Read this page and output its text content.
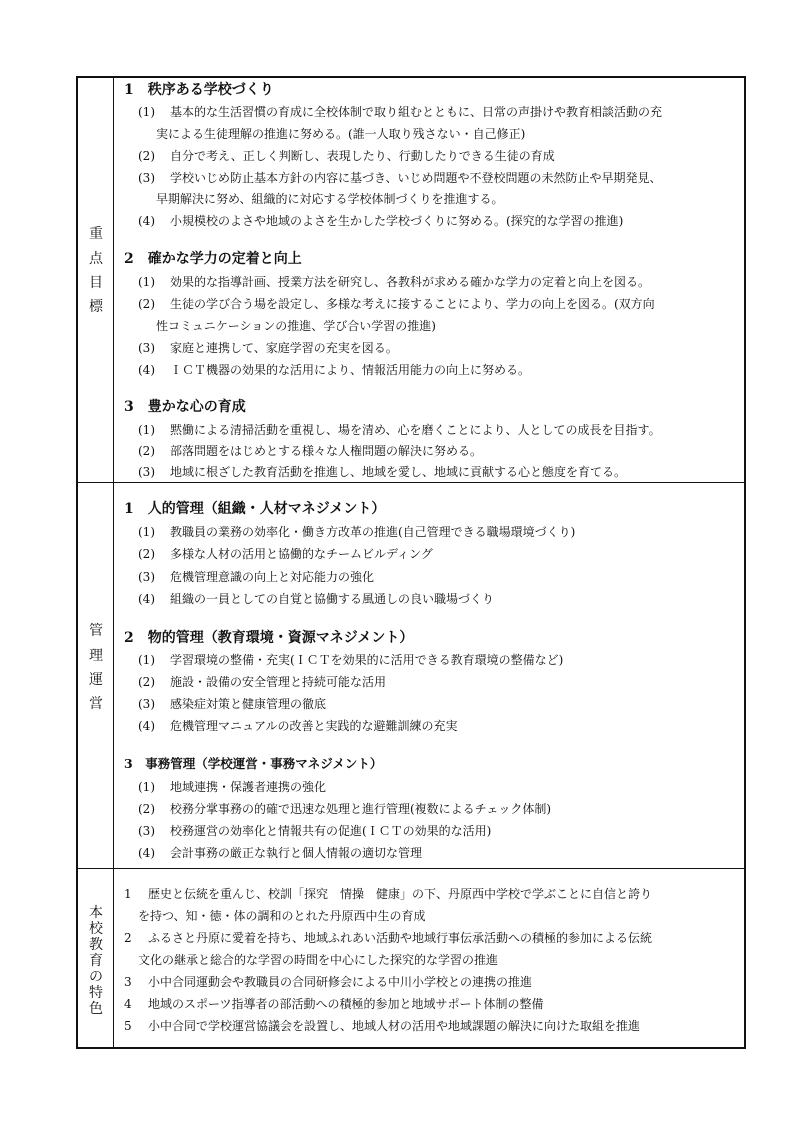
重
点
目
標
1　秩序ある学校づくり
(1) 基本的な生活習慣の育成に全校体制で取り組むとともに、日常の声掛けや教育相談活動の充
実による生徒理解の推進に努める。(誰一人取り残さない・自己修正)
(2) 自分で考え、正しく判断し、表現したり、行動したりできる生徒の育成
(3) 学校いじめ防止基本方針の内容に基づき、いじめ問題や不登校問題の未然防止や早期発見、
早期解決に努め、組織的に対応する学校体制づくりを推進する。
(4) 小規模校のよさや地域のよさを生かした学校づくりに努める。(探究的な学習の推進)
2　確かな学力の定着と向上
(1) 効果的な指導計画、授業方法を研究し、各教科が求める確かな学力の定着と向上を図る。
(2) 生徒の学び合う場を設定し、多様な考えに接することにより、学力の向上を図る。(双方向
性コミュニケーションの推進、学び合い学習の推進)
(3) 家庭と連携して、家庭学習の充実を図る。
(4) ＩＣＴ機器の効果的な活用により、情報活用能力の向上に努める。
3　豊かな心の育成
(1) 黙働による清掃活動を重視し、場を清め、心を磨くことにより、人としての成長を目指す。
(2) 部落問題をはじめとする様々な人権問題の解決に努める。
(3) 地域に根ざした教育活動を推進し、地域を愛し、地域に貢献する心と態度を育てる。
管
理
運
営
1　人的管理（組織・人材マネジメント）
(1) 教職員の業務の効率化・働き方改革の推進(自己管理できる職場環境づくり)
(2) 多様な人材の活用と協働的なチームビルディング
(3) 危機管理意識の向上と対応能力の強化
(4) 組織の一員としての自覚と協働する風通しの良い職場づくり
2　物的管理（教育環境・資源マネジメント）
(1) 学習環境の整備・充実(ＩＣＴを効果的に活用できる教育環境の整備など)
(2) 施設・設備の安全管理と持続可能な活用
(3) 感染症対策と健康管理の徹底
(4) 危機管理マニュアルの改善と実践的な避難訓練の充実
3　事務管理（学校運営・事務マネジメント）
(1) 地域連携・保護者連携の強化
(2) 校務分掌事務の的確で迅速な処理と進行管理(複数によるチェック体制)
(3) 校務運営の効率化と情報共有の促進(ＩＣＴの効果的な活用)
(4) 会計事務の厳正な執行と個人情報の適切な管理
本
校
教
育
の
特
色
1 歴史と伝統を重んじ、校訓「探究　情操　健康」の下、丹原西中学校で学ぶことに自信と誇り
を持つ、知・徳・体の調和のとれた丹原西中生の育成
2 ふるさと丹原に愛着を持ち、地域ふれあい活動や地域行事伝承活動への積極的参加による伝統
文化の継承と総合的な学習の時間を中心にした探究的な学習の推進
3 小中合同運動会や教職員の合同研修会による中川小学校との連携の推進
4 地域のスポーツ指導者の部活動への積極的参加と地域サポート体制の整備
5 小中合同で学校運営協議会を設置し、地域人材の活用や地域課題の解決に向けた取組を推進
